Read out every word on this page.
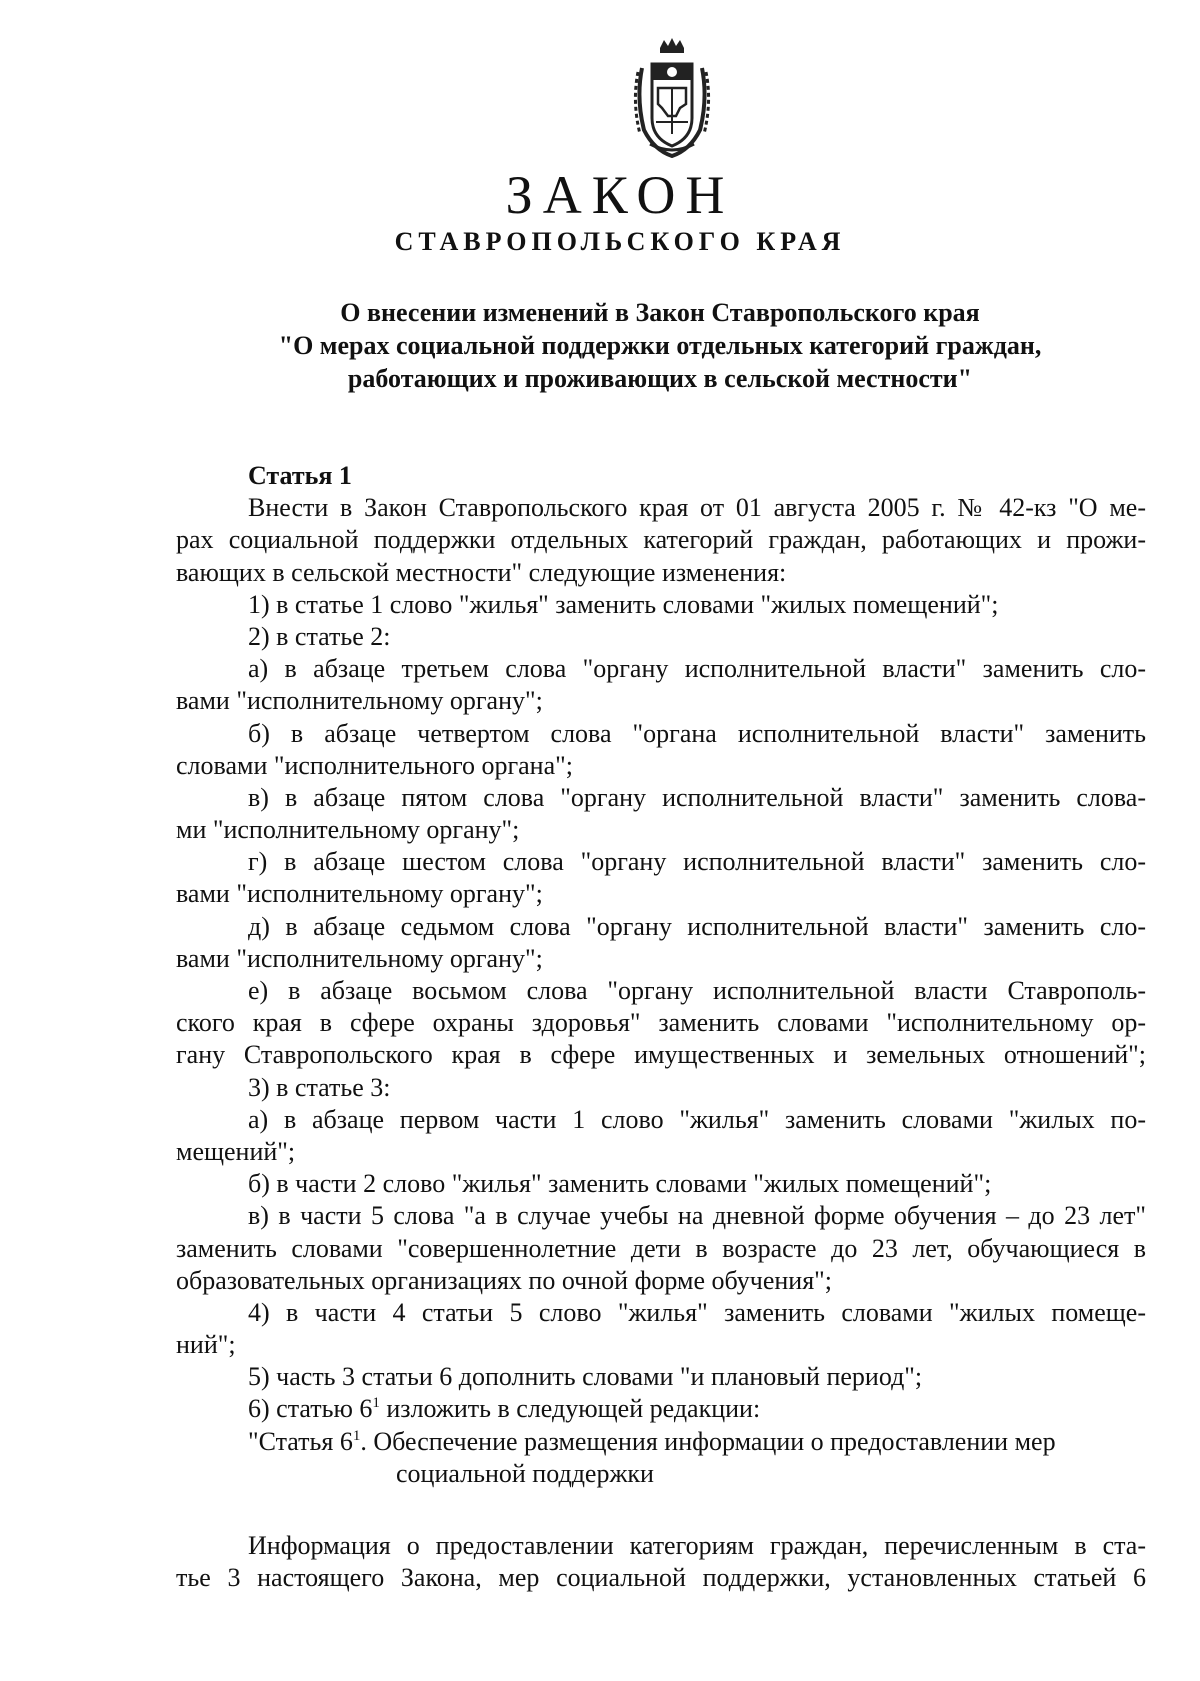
ЗАКОН
СТАВРОПОЛЬСКОГО КРАЯ
О внесении изменений в Закон Ставропольского края
"О мерах социальной поддержки отдельных категорий граждан,
работающих и проживающих в сельской местности"
Статья 1
Внести в Закон Ставропольского края от 01 августа 2005 г. № 42-кз "О ме-
рах социальной поддержки отдельных категорий граждан, работающих и прожи-
вающих в сельской местности" следующие изменения:
1) в статье 1 слово "жилья" заменить словами "жилых помещений";
2) в статье 2:
а) в абзаце третьем слова "органу исполнительной власти" заменить сло-
вами "исполнительному органу";
б) в абзаце четвертом слова "органа исполнительной власти" заменить
словами "исполнительного органа";
в) в абзаце пятом слова "органу исполнительной власти" заменить слова-
ми "исполнительному органу";
г) в абзаце шестом слова "органу исполнительной власти" заменить сло-
вами "исполнительному органу";
д) в абзаце седьмом слова "органу исполнительной власти" заменить сло-
вами "исполнительному органу";
е) в абзаце восьмом слова "органу исполнительной власти Ставрополь-
ского края в сфере охраны здоровья" заменить словами "исполнительному ор-
гану Ставропольского края в сфере имущественных и земельных отношений";
3) в статье 3:
а) в абзаце первом части 1 слово "жилья" заменить словами "жилых по-
мещений";
б) в части 2 слово "жилья" заменить словами "жилых помещений";
в) в части 5 слова "а в случае учебы на дневной форме обучения – до 23 лет"
заменить словами "совершеннолетние дети в возрасте до 23 лет, обучающиеся в
образовательных организациях по очной форме обучения";
4) в части 4 статьи 5 слово "жилья" заменить словами "жилых помеще-
ний";
5) часть 3 статьи 6 дополнить словами "и плановый период";
6) статью $6^1$ изложить в следующей редакции:
"Статья $6^1$. Обеспечение размещения информации о предоставлении мер
социальной поддержки
Информация о предоставлении категориям граждан, перечисленным в ста-
тье 3 настоящего Закона, мер социальной поддержки, установленных статьей 6
